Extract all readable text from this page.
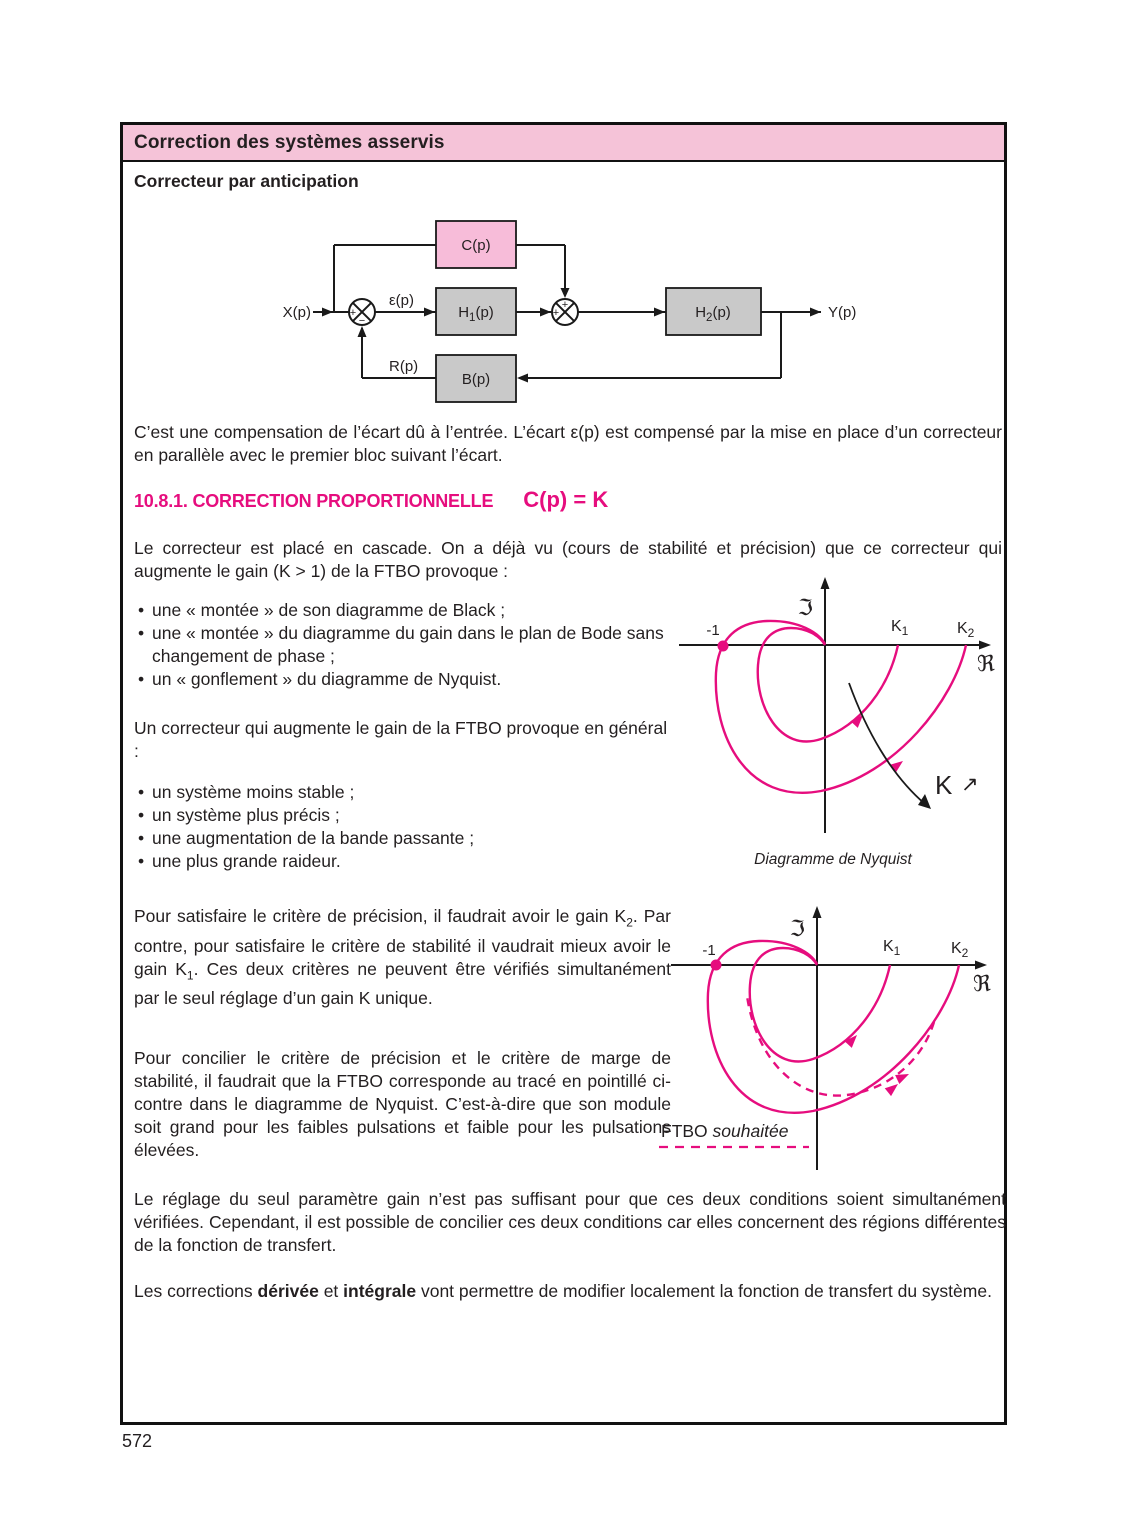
Correction des systèmes asservis
Correcteur par anticipation
+
−
+
+
C(p)
$H_1(p)$	$H_2(p)$
B(p)
X(p)	Y(p)
ε(p)
R(p)
C’est une compensation de l’écart dû à l’entrée. L’écart ε(p) est compensé par la mise en place d’un correcteur en parallèle avec le premier bloc suivant l’écart.
10.8.1. CORRECTION PROPORTIONNELLE C(p) = K
Le correcteur est placé en cascade. On a déjà vu (cours de stabilité et précision) que ce correcteur qui augmente le gain (K > 1) de la FTBO provoque :
• une « montée » de son diagramme de Black ;
• une « montée » du diagramme du gain dans le plan de Bode sans changement de phase ;
• un « gonflement » du diagramme de Nyquist.
Un correcteur qui augmente le gain de la FTBO provoque en général :
• un système moins stable ;
• un système plus précis ;
• une augmentation de la bande passante ;
• une plus grande raideur.
ℑ
ℜ
-1	$K_1$	$K_2$
K ↗
Diagramme de Nyquist
Pour satisfaire le critère de précision, il faudrait avoir le gain $K_2$. Par contre, pour satisfaire le critère de stabilité il vaudrait mieux avoir le gain $K_1$. Ces deux critères ne peuvent être vérifiés simultanément par le seul réglage d’un gain K unique.
Pour concilier le critère de précision et le critère de marge de stabilité, il faudrait que la FTBO corresponde au tracé en pointillé ci-contre dans le diagramme de Nyquist. C’est-à-dire que son module soit grand pour les faibles pulsations et faible pour les pulsations élevées.
ℑ
ℜ
-1	$K_1$	$K_2$
FTBO souhaitée
Le réglage du seul paramètre gain n’est pas suffisant pour que ces deux conditions soient simultanément vérifiées. Cependant, il est possible de concilier ces deux conditions car elles concernent des régions différentes de la fonction de transfert.
Les corrections dérivée et intégrale vont permettre de modifier localement la fonction de transfert du système.
572
